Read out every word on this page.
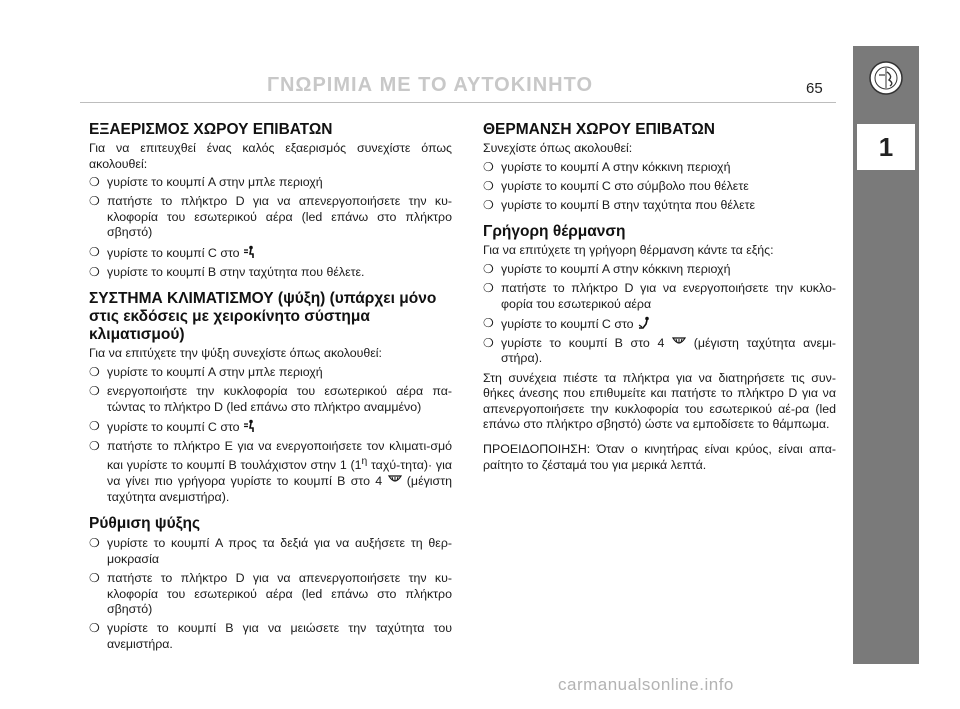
ΓΝΩΡΙΜΙΑ ΜΕ ΤΟ ΑΥΤΟΚΙΝΗΤΟ	65
1
ΕΞΑΕΡΙΣΜΟΣ ΧΩΡΟΥ ΕΠΙΒΑΤΩΝ

Για να επιτευχθεί ένας καλός εξαερισμός συνεχίστε όπως ακολουθεί:

❍ γυρίστε το κουμπί A στην μπλε περιοχή
❍ πατήστε το πλήκτρο D για να απενεργοποιήσετε την κυ-κλοφορία του εσωτερικού αέρα (led επάνω στο πλήκτρο σβηστό)
❍ γυρίστε το κουμπί C στο
❍ γυρίστε το κουμπί B στην ταχύτητα που θέλετε.
ΣΥΣΤΗΜΑ ΚΛΙΜΑΤΙΣΜΟΥ (ψύξη) (υπάρχει μόνο στις εκδόσεις με χειροκίνητο σύστημα κλιματισμού)

Για να επιτύχετε την ψύξη συνεχίστε όπως ακολουθεί:

❍ γυρίστε το κουμπί A στην μπλε περιοχή
❍ ενεργοποιήστε την κυκλοφορία του εσωτερικού αέρα πα-τώντας το πλήκτρο D (led επάνω στο πλήκτρο αναμμένο)
❍ γυρίστε το κουμπί C στο
❍ πατήστε το πλήκτρο E για να ενεργοποιήσετε τον κλιματι-σμό και γυρίστε το κουμπί B τουλάχιστον στην 1 ($1^\eta$ ταχύ-τητα)· για να γίνει πιο γρήγορα γυρίστε το κουμπί B στο 4  (μέγιστη ταχύτητα ανεμιστήρα).
Ρύθμιση ψύξης
❍ γυρίστε το κουμπί A προς τα δεξιά για να αυξήσετε τη θερ-μοκρασία
❍ πατήστε το πλήκτρο D για να απενεργοποιήσετε την κυ-κλοφορία του εσωτερικού αέρα (led επάνω στο πλήκτρο σβηστό)
❍ γυρίστε το κουμπί B για να μειώσετε την ταχύτητα του ανεμιστήρα.
ΘΕΡΜΑΝΣΗ ΧΩΡΟΥ ΕΠΙΒΑΤΩΝ

Συνεχίστε όπως ακολουθεί:

❍ γυρίστε το κουμπί A στην κόκκινη περιοχή
❍ γυρίστε το κουμπί C στο σύμβολο που θέλετε
❍ γυρίστε το κουμπί B στην ταχύτητα που θέλετε
Γρήγορη θέρμανση

Για να επιτύχετε τη γρήγορη θέρμανση κάντε τα εξής:

❍ γυρίστε το κουμπί A στην κόκκινη περιοχή
❍ πατήστε το πλήκτρο D για να ενεργοποιήσετε την κυκλο-φορία του εσωτερικού αέρα
❍ γυρίστε το κουμπί C στο
❍ γυρίστε το κουμπί B στο 4  (μέγιστη ταχύτητα ανεμι-στήρα).

Στη συνέχεια πιέστε τα πλήκτρα για να διατηρήσετε τις συν-θήκες άνεσης που επιθυμείτε και πατήστε το πλήκτρο D για να απενεργοποιήσετε την κυκλοφορία του εσωτερικού αέ-ρα (led επάνω στο πλήκτρο σβηστό) ώστε να εμποδίσετε το θάμπωμα.

ΠΡΟΕΙΔΟΠΟΙΗΣΗ: Όταν ο κινητήρας είναι κρύος, είναι απα-ραίτητο το ζέσταμά του για μερικά λεπτά.

carmanualsonline.info
